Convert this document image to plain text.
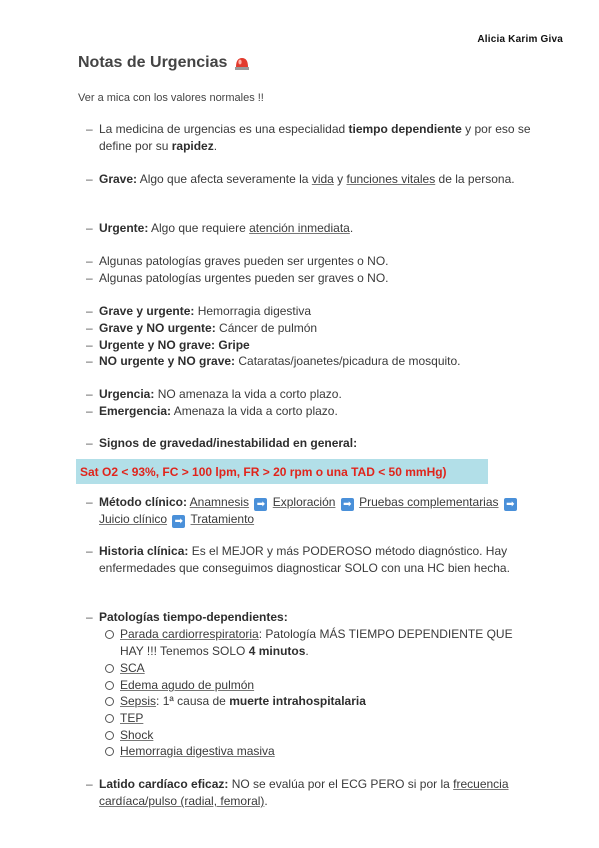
Alicia Karim Giva
Notas de Urgencias
Ver a mica con los valores normales !!
– La medicina de urgencias es una especialidad tiempo dependiente y por eso se define por su rapidez.
– Grave: Algo que afecta severamente la vida y funciones vitales de la persona.
– Urgente: Algo que requiere atención inmediata.
– Algunas patologías graves pueden ser urgentes o NO.
– Algunas patologías urgentes pueden ser graves o NO.
– Grave y urgente: Hemorragia digestiva
– Grave y NO urgente: Cáncer de pulmón
– Urgente y NO grave: Gripe
– NO urgente y NO grave: Cataratas/joanetes/picadura de mosquito.
– Urgencia: NO amenaza la vida a corto plazo.
– Emergencia: Amenaza la vida a corto plazo.
– Signos de gravedad/inestabilidad en general:
Sat O2 < 93%, FC > 100 lpm, FR > 20 rpm o una TAD < 50 mmHg)
– Método clínico: Anamnesis ➡ Exploración ➡ Pruebas complementarias ➡ Juicio clínico ➡ Tratamiento
– Historia clínica: Es el MEJOR y más PODEROSO método diagnóstico. Hay enfermedades que conseguimos diagnosticar SOLO con una HC bien hecha.
– Patologías tiempo-dependientes:
Parada cardiorrespiratoria: Patología MÁS TIEMPO DEPENDIENTE QUE HAY !!! Tenemos SOLO 4 minutos.
SCA
Edema agudo de pulmón
Sepsis: 1ª causa de muerte intrahospitalaria
TEP
Shock
Hemorragia digestiva masiva
– Latido cardíaco eficaz: NO se evalúa por el ECG PERO si por la frecuencia cardíaca/pulso (radial, femoral).
